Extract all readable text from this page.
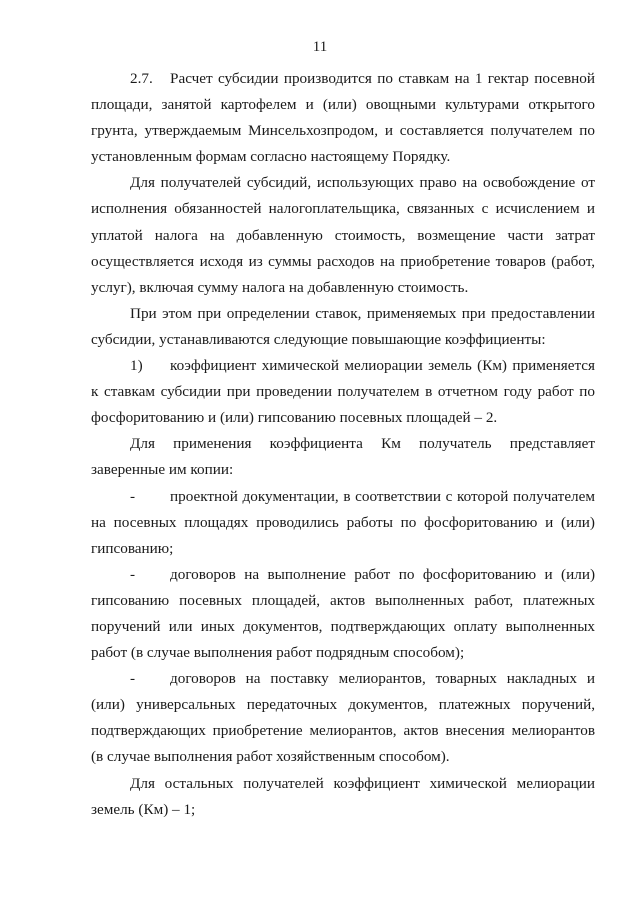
11

2.7. Расчет субсидии производится по ставкам на 1 гектар посевной площади, занятой картофелем и (или) овощными культурами открытого грунта, утверждаемым Минсельхозпродом, и составляется получателем по установленным формам согласно настоящему Порядку.

Для получателей субсидий, использующих право на освобождение от исполнения обязанностей налогоплательщика, связанных с исчислением и уплатой налога на добавленную стоимость, возмещение части затрат осуществляется исходя из суммы расходов на приобретение товаров (работ, услуг), включая сумму налога на добавленную стоимость.

При этом при определении ставок, применяемых при предоставлении субсидии, устанавливаются следующие повышающие коэффициенты:

1) коэффициент химической мелиорации земель (Км) применяется к ставкам субсидии при проведении получателем в отчетном году работ по фосфоритованию и (или) гипсованию посевных площадей – 2.

Для применения коэффициента Км получатель представляет заверенные им копии:

- проектной документации, в соответствии с которой получателем на посевных площадях проводились работы по фосфоритованию и (или) гипсованию;

- договоров на выполнение работ по фосфоритованию и (или) гипсованию посевных площадей, актов выполненных работ, платежных поручений или иных документов, подтверждающих оплату выполненных работ (в случае выполнения работ подрядным способом);

- договоров на поставку мелиорантов, товарных накладных и (или) универсальных передаточных документов, платежных поручений, подтверждающих приобретение мелиорантов, актов внесения мелиорантов (в случае выполнения работ хозяйственным способом).

Для остальных получателей коэффициент химической мелиорации земель (Км) – 1;
